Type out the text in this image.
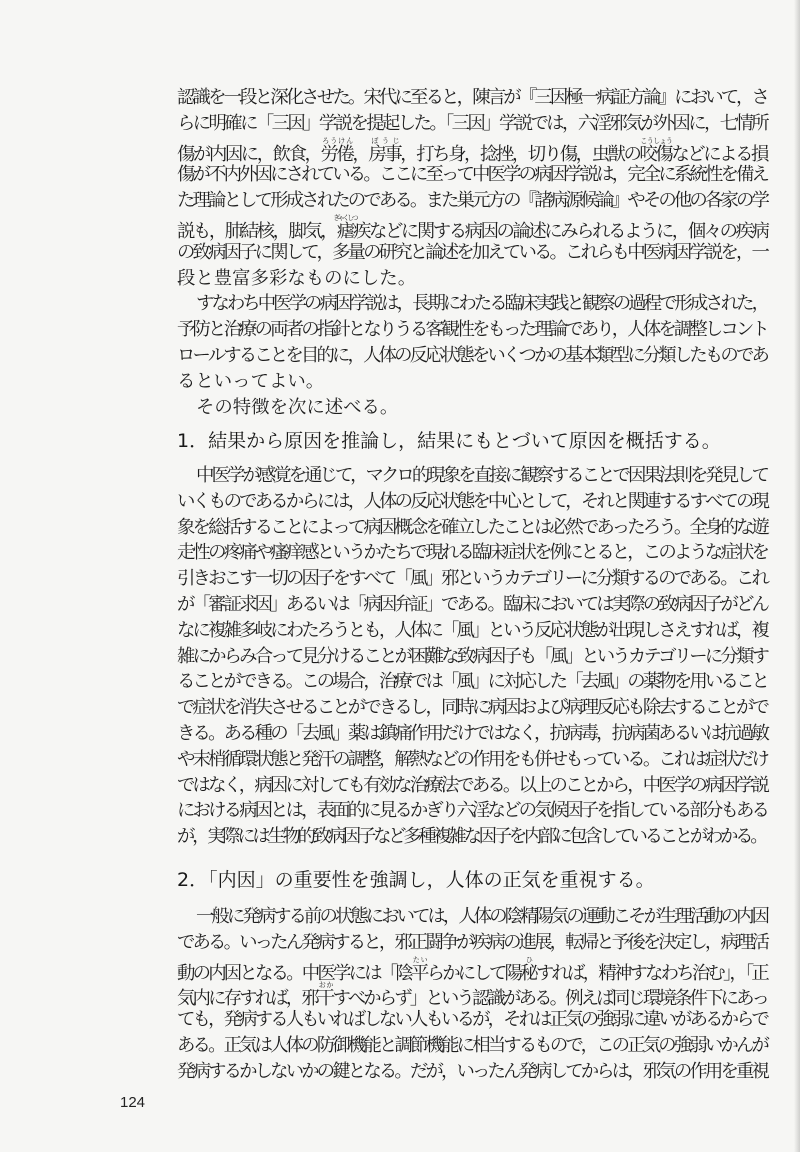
認識を一段と深化させた。宋代に至ると，陳言が『三因極一病証方論』において，さ
らに明確に「三因」学説を提起した。「三因」学説では，六淫邪気が外因に，七情所
傷が内因に，飲食，労倦ろうけん，房事ぼうじ，打ち身，捻挫，切り傷，虫獣の咬傷こうしょうなどによる損
傷が不内外因にされている。ここに至って中医学の病因学説は，完全に系統性を備え
た理論として形成されたのである。また巣元方の『諸病源候論』やその他の各家の学
説も，肺結核，脚気，瘧ぎゃくしつ疾などに関する病因の論述にみられるように，個々の疾病
の致病因子に関して，多量の研究と論述を加えている。これらも中医病因学説を，一
段と豊富多彩なものにした。
すなわち中医学の病因学説は，長期にわたる臨床実践と観察の過程で形成された，
予防と治療の両者の指針となりうる客観性をもった理論であり，人体を調整しコント
ロールすることを目的に，人体の反応状態をいくつかの基本類型に分類したものであ
るといってよい。
その特徴を次に述べる。
1．結果から原因を推論し，結果にもとづいて原因を概括する。
中医学が感覚を通じて，マクロ的現象を直接に観察することで因果法則を発見して
いくものであるからには，人体の反応状態を中心として，それと関連するすべての現
象を総括することによって病因概念を確立したことは必然であったろう。全身的な遊
走性の疼痛や瘙痒感というかたちで現れる臨床症状を例にとると，このような症状を
引きおこす一切の因子をすべて「風」邪というカテゴリーに分類するのである。これ
が「審証求因」あるいは「病因弁証」である。臨床においては実際の致病因子がどん
なに複雑多岐にわたろうとも，人体に「風」という反応状態が出現しさえすれば，複
雑にからみ合って見分けることが困難な致病因子も「風」というカテゴリーに分類す
ることができる。この場合，治療では「風」に対応した「去風」の薬物を用いること
で症状を消失させることができるし，同時に病因および病理反応も除去することがで
きる。ある種の「去風」薬は鎮痛作用だけではなく，抗病毒，抗病菌あるいは抗過敏
や末梢循環状態と発汗の調整，解熱などの作用をも併せもっている。これは症状だけ
ではなく，病因に対しても有効な治療法である。以上のことから，中医学の病因学説
における病因とは，表面的に見るかぎり六淫などの気候因子を指している部分もある
が，実際には生物的致病因子など多種複雑な因子を内部に包含していることがわかる。
2．「内因」の重要性を強調し，人体の正気を重視する。
一般に発病する前の状態においては，人体の陰精陽気の運動こそが生理活動の内因
である。いったん発病すると，邪正闘争が疾病の進展，転帰と予後を決定し，病理活
動の内因となる。中医学には「陰平たいらかにして陽秘ひすれば，精神すなわち治む」，「正
気内に存すれば，邪干おかすべからず」という認識がある。例えば同じ環境条件下にあっ
ても，発病する人もいればしない人もいるが，それは正気の強弱に違いがあるからで
ある。正気は人体の防御機能と調節機能に相当するもので，この正気の強弱いかんが
発病するかしないかの鍵となる。だが，いったん発病してからは，邪気の作用を重視
124
